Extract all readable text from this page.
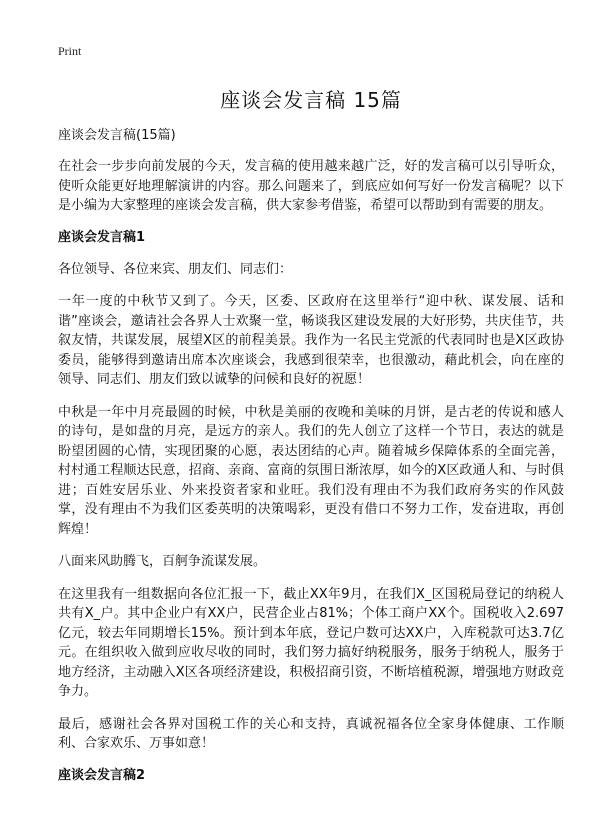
Print
座谈会发言稿 15篇
座谈会发言稿(15篇)

在社会一步步向前发展的今天，发言稿的使用越来越广泛，好的发言稿可以引导听众，使听众能更好地理解演讲的内容。那么问题来了，到底应如何写好一份发言稿呢？以下是小编为大家整理的座谈会发言稿，供大家参考借鉴，希望可以帮助到有需要的朋友。

座谈会发言稿1

各位领导、各位来宾、朋友们、同志们：

一年一度的中秋节又到了。今天，区委、区政府在这里举行“迎中秋、谋发展、话和谐”座谈会，邀请社会各界人士欢聚一堂，畅谈我区建设发展的大好形势，共庆佳节，共叙友情，共谋发展，展望X区的前程美景。我作为一名民主党派的代表同时也是X区政协委员，能够得到邀请出席本次座谈会，我感到很荣幸，也很激动，藉此机会，向在座的领导、同志们、朋友们致以诚挚的问候和良好的祝愿！

中秋是一年中月亮最圆的时候，中秋是美丽的夜晚和美味的月饼，是古老的传说和感人的诗句，是如盘的月亮，是远方的亲人。我们的先人创立了这样一个节日，表达的就是盼望团圆的心情，实现团聚的心愿，表达团结的心声。随着城乡保障体系的全面完善，村村通工程顺达民意，招商、亲商、富商的氛围日渐浓厚，如今的X区政通人和、与时俱进；百姓安居乐业、外来投资者家和业旺。我们没有理由不为我们政府务实的作风鼓掌，没有理由不为我们区委英明的决策喝彩，更没有借口不努力工作，发奋进取，再创辉煌！

八面来风助腾飞，百舸争流谋发展。

在这里我有一组数据向各位汇报一下，截止XX年9月，在我们X_区国税局登记的纳税人共有X_户。其中企业户有XX户，民营企业占81%；个体工商户XX个。国税收入2.697亿元，较去年同期增长15%。预计到本年底，登记户数可达XX户，入库税款可达3.7亿元。在组织收入做到应收尽收的同时，我们努力搞好纳税服务，服务于纳税人，服务于地方经济，主动融入X区各项经济建设，积极招商引资，不断培植税源，增强地方财政竞争力。

最后，感谢社会各界对国税工作的关心和支持，真诚祝福各位全家身体健康、工作顺利、合家欢乐、万事如意！

座谈会发言稿2
